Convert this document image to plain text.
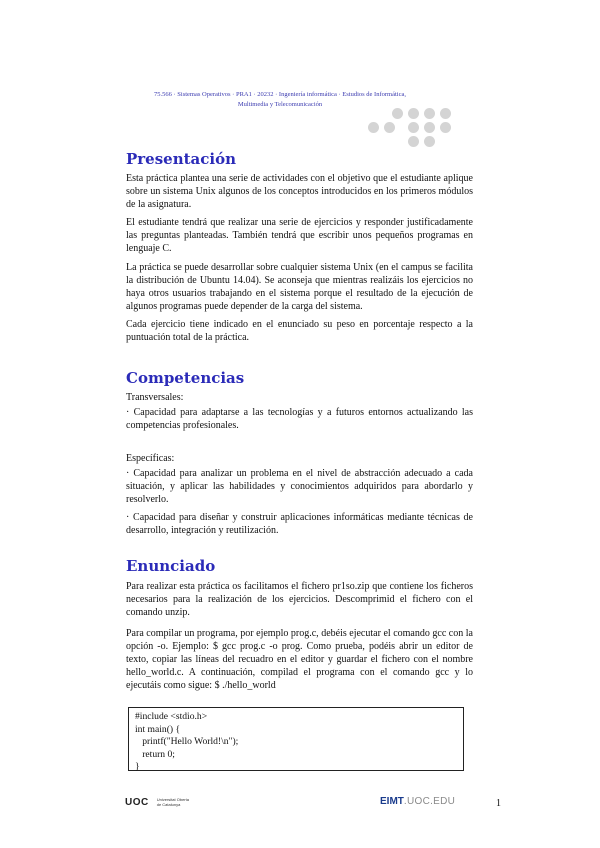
75.566 · Sistemas Operativos · PRA1 · 20232 · Ingeniería informática · Estudios de Informática,
Multimedia y Telecomunicación
Presentación

Esta práctica plantea una serie de actividades con el objetivo que el estudiante aplique sobre un sistema Unix algunos de los conceptos introducidos en los primeros módulos de la asignatura.

El estudiante tendrá que realizar una serie de ejercicios y responder justificadamente las preguntas planteadas. También tendrá que escribir unos pequeños programas en lenguaje C.

La práctica se puede desarrollar sobre cualquier sistema Unix (en el campus se facilita la distribución de Ubuntu 14.04). Se aconseja que mientras realizáis los ejercicios no haya otros usuarios trabajando en el sistema porque el resultado de la ejecución de algunos programas puede depender de la carga del sistema.

Cada ejercicio tiene indicado en el enunciado su peso en porcentaje respecto a la puntuación total de la práctica.

Competencias

Transversales:

· Capacidad para adaptarse a las tecnologías y a futuros entornos actualizando las competencias profesionales.

Específicas:

· Capacidad para analizar un problema en el nivel de abstracción adecuado a cada situación, y aplicar las habilidades y conocimientos adquiridos para abordarlo y resolverlo.

· Capacidad para diseñar y construir aplicaciones informáticas mediante técnicas de desarrollo, integración y reutilización.

Enunciado

Para realizar esta práctica os facilitamos el fichero pr1so.zip que contiene los ficheros necesarios para la realización de los ejercicios. Descomprimid el fichero con el comando unzip.

Para compilar un programa, por ejemplo prog.c, debéis ejecutar el comando gcc con la opción -o. Ejemplo: $ gcc prog.c -o prog. Como prueba, podéis abrir un editor de texto, copiar las líneas del recuadro en el editor y guardar el fichero con el nombre hello_world.c. A continuación, compilad el programa con el comando gcc y lo ejecutáis como sigue: $ ./hello_world

#include <stdio.h>
int main() {
printf("Hello World!\n");
return 0;
}
UOC Universitat Oberta
de Catalunya	EIMT.UOC.EDU	1
